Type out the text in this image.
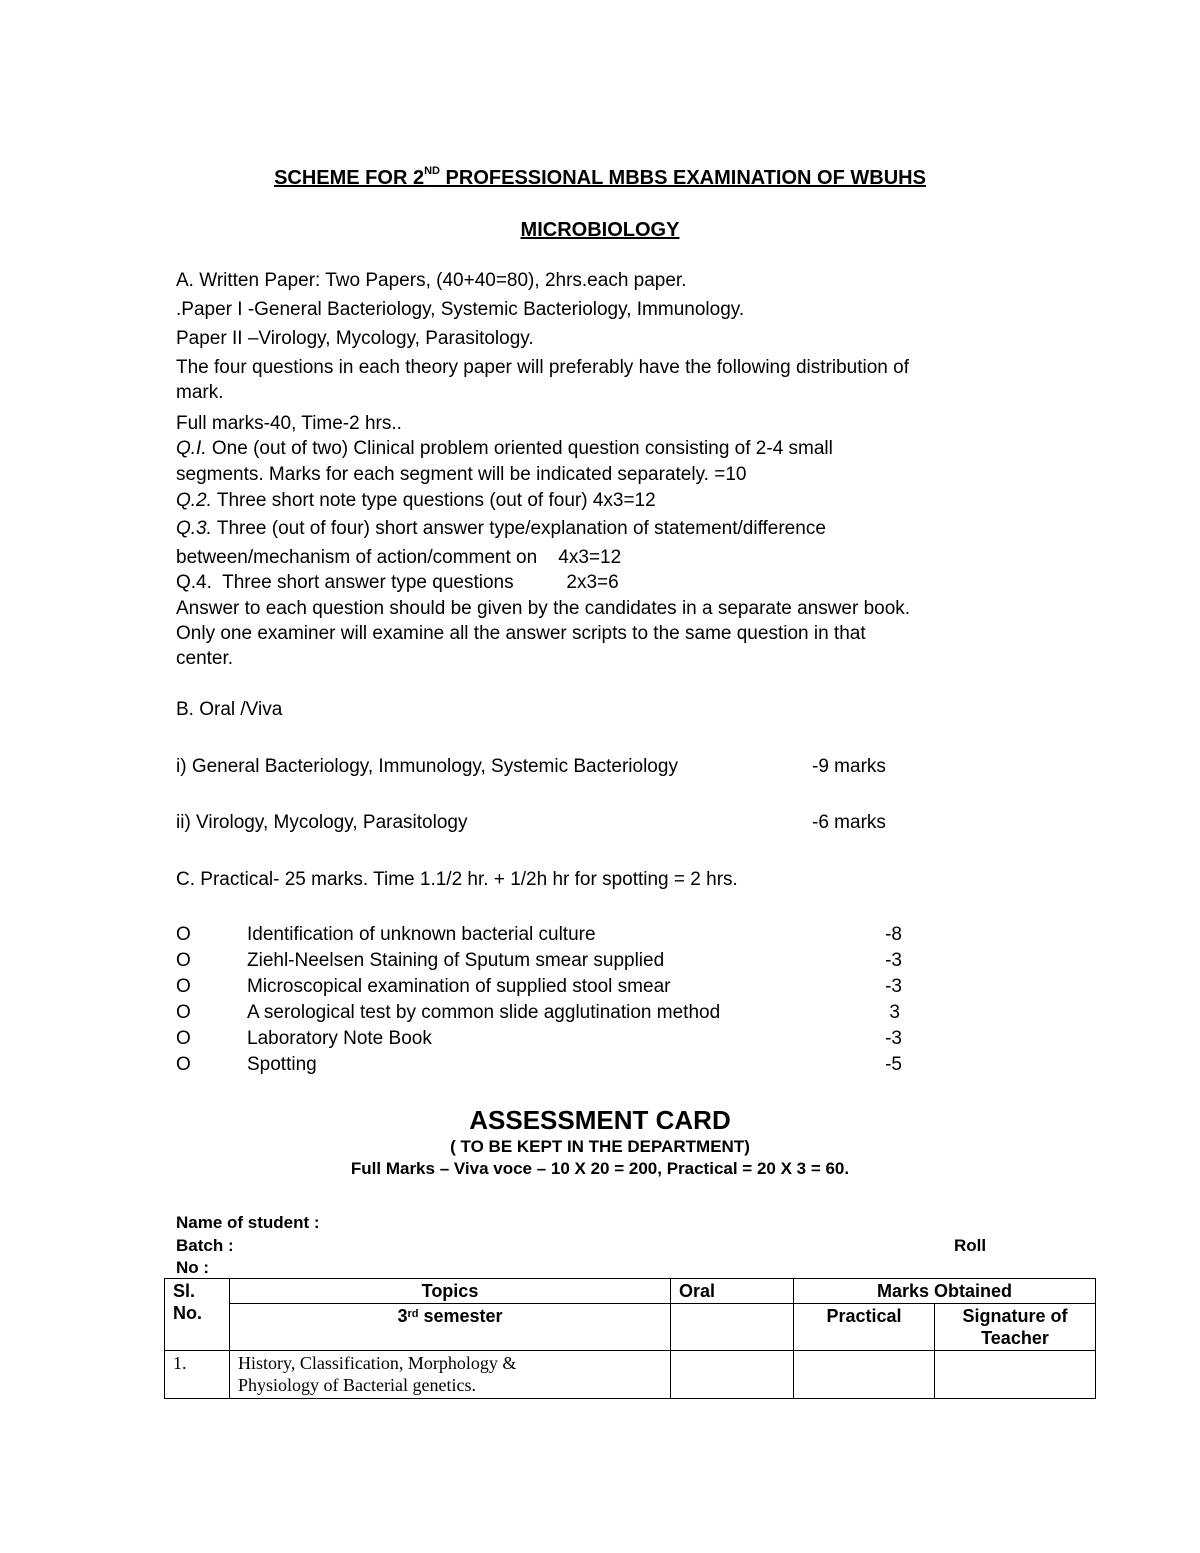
SCHEME FOR 2ND PROFESSIONAL MBBS EXAMINATION OF WBUHS
MICROBIOLOGY
A. Written Paper: Two Papers, (40+40=80), 2hrs.each paper.
.Paper I -General Bacteriology, Systemic Bacteriology, Immunology.
Paper II –Virology, Mycology, Parasitology.
The four questions in each theory paper will preferably have the following distribution of
mark.
Full marks-40, Time-2 hrs..
Q.I. One (out of two) Clinical problem oriented question consisting of 2-4 small
segments. Marks for each segment will be indicated separately. =10
Q.2. Three short note type questions (out of four) 4x3=12
Q.3. Three (out of four) short answer type/explanation of statement/difference
between/mechanism of action/comment on    4x3=12
Q.4.  Three short answer type questions          2x3=6
Answer to each question should be given by the candidates in a separate answer book.
Only one examiner will examine all the answer scripts to the same question in that
center.
B. Oral /Viva
i) General Bacteriology, Immunology, Systemic Bacteriology	-9 marks
ii) Virology, Mycology, Parasitology	-6 marks
C. Practical- 25 marks. Time 1.1/2 hr. + 1/2h hr for spotting = 2 hrs.
O	Identification of unknown bacterial culture	-8
O	Ziehl-Neelsen Staining of Sputum smear supplied	-3
O	Microscopical examination of supplied stool smear	-3
O	A serological test by common slide agglutination method	3
O	Laboratory Note Book	-3
O	Spotting	-5
ASSESSMENT CARD
( TO BE KEPT IN THE DEPARTMENT)
Full Marks – Viva voce – 10 X 20 = 200, Practical = 20 X 3 = 60.
Name of student :
Batch :	Roll
No :
Sl.
No.	Topics	Oral	Marks Obtained	
	3rd semester		Practical	Signature of
Teacher

1.	History, Classification, Morphology &
Physiology of Bacterial genetics.			
